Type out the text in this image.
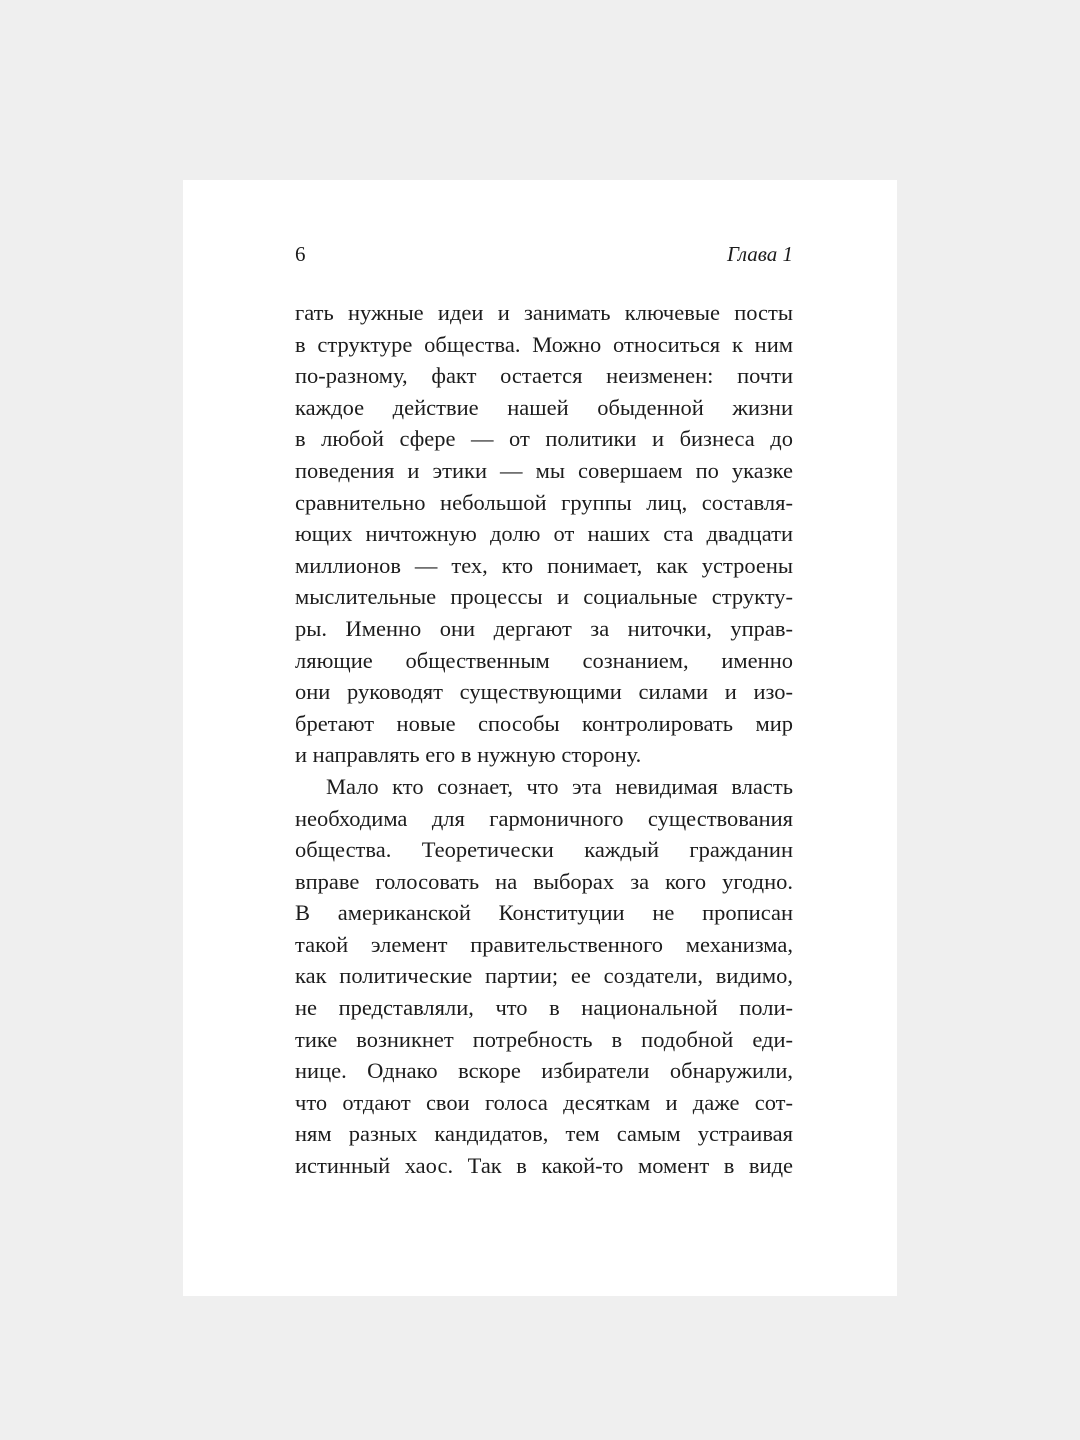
6	Глава 1
гать нужные идеи и занимать ключевые посты
в структуре общества. Можно относиться к ним
по-разному, факт остается неизменен: почти
каждое действие нашей обыденной жизни
в любой сфере — от политики и бизнеса до
поведения и этики — мы совершаем по указке
сравнительно небольшой группы лиц, составля-
ющих ничтожную долю от наших ста двадцати
миллионов — тех, кто понимает, как устроены
мыслительные процессы и социальные структу-
ры. Именно они дергают за ниточки, управ-
ляющие общественным сознанием, именно
они руководят существующими силами и изо-
бретают новые способы контролировать мир
и направлять его в нужную сторону.
Мало кто сознает, что эта невидимая власть
необходима для гармоничного существования
общества. Теоретически каждый гражданин
вправе голосовать на выборах за кого угодно.
В американской Конституции не прописан
такой элемент правительственного механизма,
как политические партии; ее создатели, видимо,
не представляли, что в национальной поли-
тике возникнет потребность в подобной еди-
нице. Однако вскоре избиратели обнаружили,
что отдают свои голоса десяткам и даже сот-
ням разных кандидатов, тем самым устраивая
истинный хаос. Так в какой-то момент в виде
